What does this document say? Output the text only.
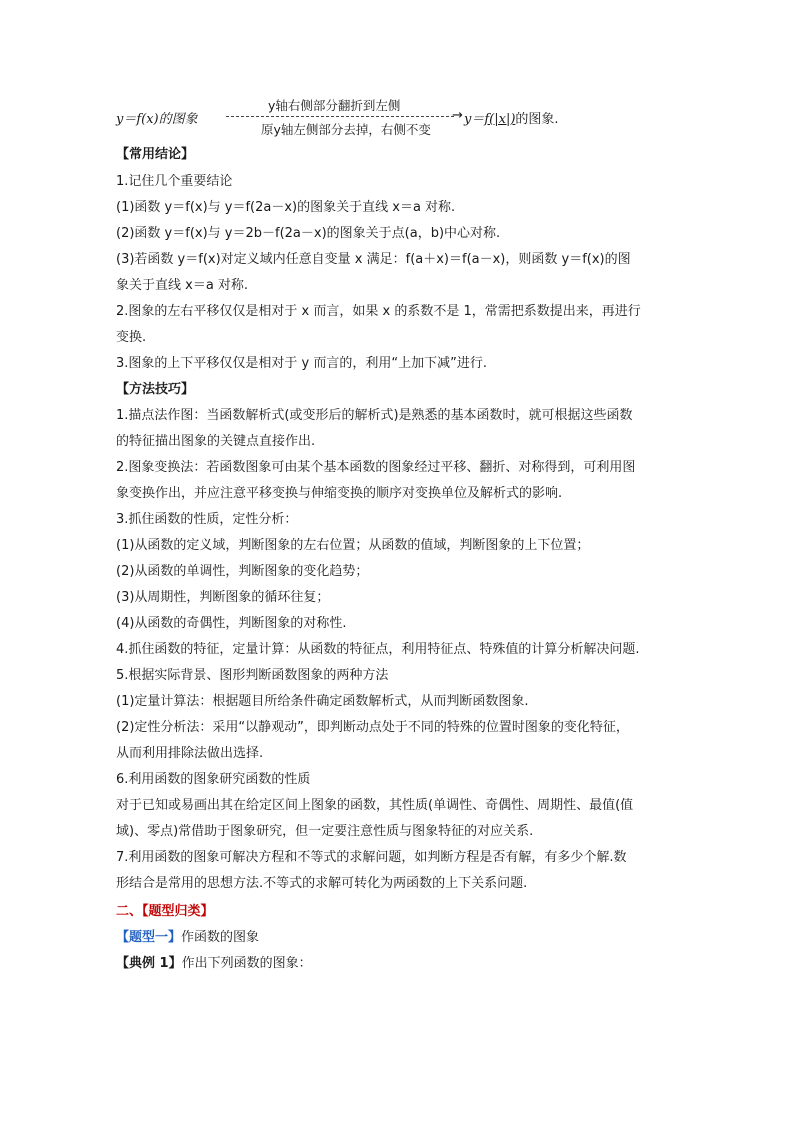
y＝f(x)的图象
y轴右侧部分翻折到左侧
原y轴左侧部分去掉，右侧不变
→ y＝f(|x|)的图象.
【常用结论】
1.记住几个重要结论
(1)函数 y＝f(x)与 y＝f(2a－x)的图象关于直线 x＝a 对称.
(2)函数 y＝f(x)与 y＝2b－f(2a－x)的图象关于点(a，b)中心对称.
(3)若函数 y＝f(x)对定义域内任意自变量 x 满足：f(a＋x)＝f(a－x)，则函数 y＝f(x)的图
象关于直线 x＝a 对称.
2.图象的左右平移仅仅是相对于 x 而言，如果 x 的系数不是 1，常需把系数提出来，再进行
变换.
3.图象的上下平移仅仅是相对于 y 而言的，利用“上加下减”进行.
【方法技巧】
1.描点法作图：当函数解析式(或变形后的解析式)是熟悉的基本函数时，就可根据这些函数
的特征描出图象的关键点直接作出.
2.图象变换法：若函数图象可由某个基本函数的图象经过平移、翻折、对称得到，可利用图
象变换作出，并应注意平移变换与伸缩变换的顺序对变换单位及解析式的影响.
3.抓住函数的性质，定性分析：
(1)从函数的定义域，判断图象的左右位置；从函数的值域，判断图象的上下位置；
(2)从函数的单调性，判断图象的变化趋势；
(3)从周期性，判断图象的循环往复；
(4)从函数的奇偶性，判断图象的对称性.
4.抓住函数的特征，定量计算：从函数的特征点，利用特征点、特殊值的计算分析解决问题.
5.根据实际背景、图形判断函数图象的两种方法
(1)定量计算法：根据题目所给条件确定函数解析式，从而判断函数图象.
(2)定性分析法：采用“以静观动”，即判断动点处于不同的特殊的位置时图象的变化特征，
从而利用排除法做出选择.
6.利用函数的图象研究函数的性质
对于已知或易画出其在给定区间上图象的函数，其性质(单调性、奇偶性、周期性、最值(值
域)、零点)常借助于图象研究，但一定要注意性质与图象特征的对应关系.
7.利用函数的图象可解决方程和不等式的求解问题，如判断方程是否有解，有多少个解.数
形结合是常用的思想方法.不等式的求解可转化为两函数的上下关系问题.
二、【题型归类】
【题型一】作函数的图象
【典例 1】作出下列函数的图象：
